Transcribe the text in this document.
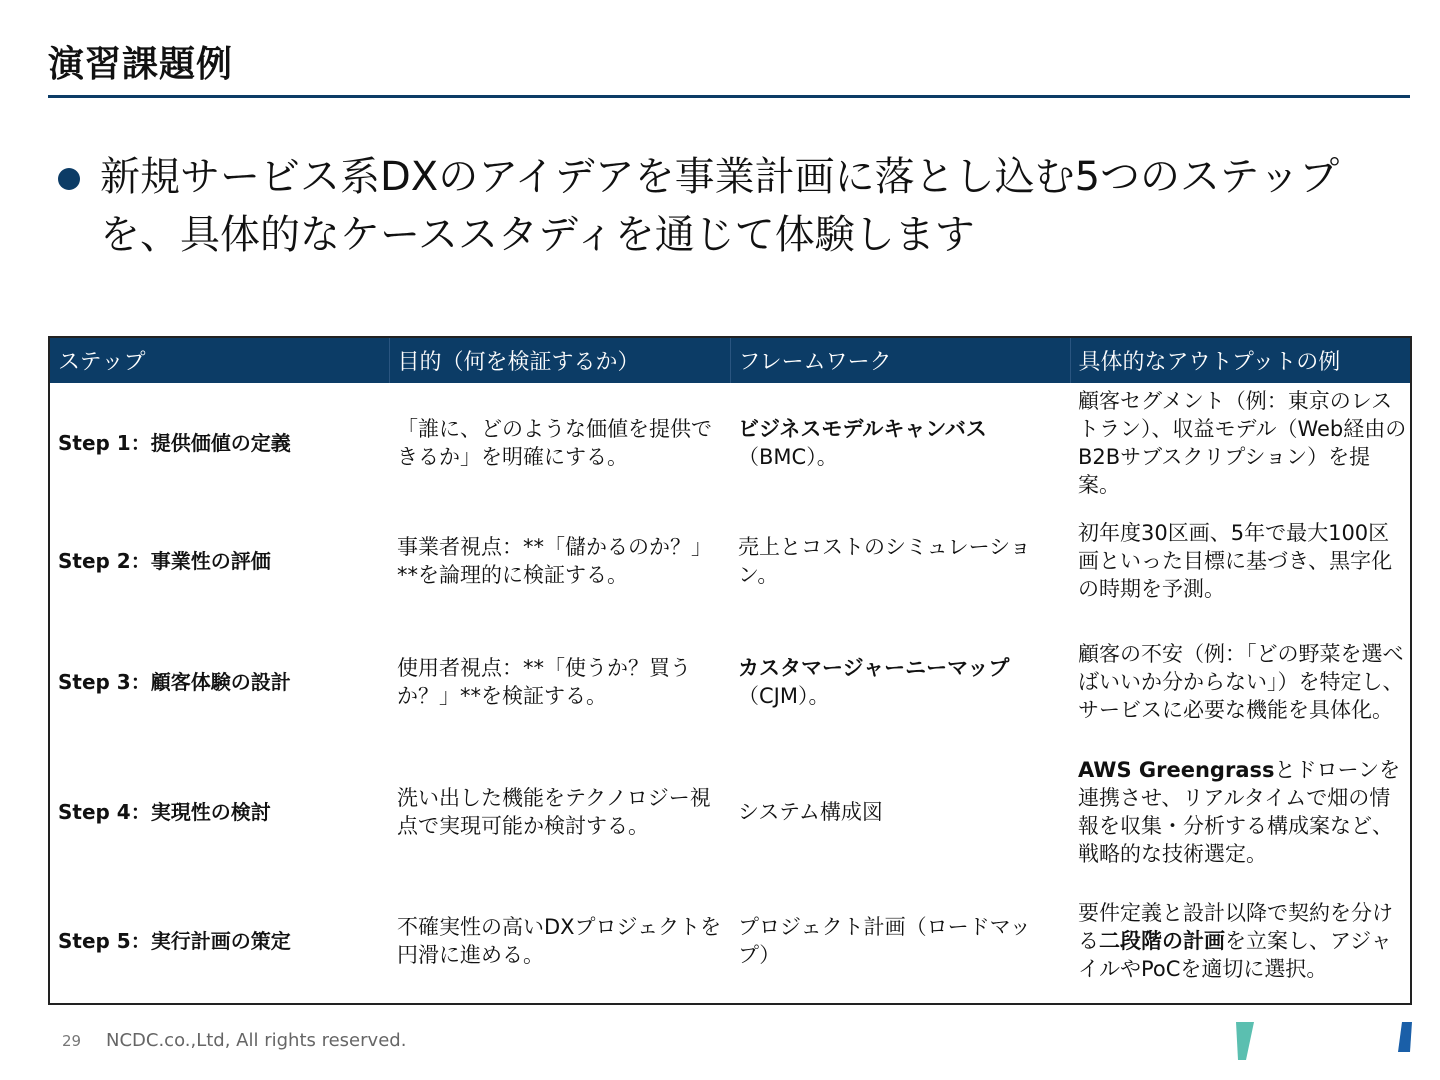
演習課題例
新規サービス系DXのアイデアを事業計画に落とし込む5つのステップを、具体的なケーススタディを通じて体験します
ステップ	目的（何を検証するか）	フレームワーク	具体的なアウトプットの例
Step 1：提供価値の定義	「誰に、どのような価値を提供できるか」を明確にする。	ビジネスモデルキャンバス（BMC）。	顧客セグメント（例：東京のレストラン）、収益モデル（Web経由のB2Bサブスクリプション）を提案。
Step 2：事業性の評価	事業者視点：**「儲かるのか？」**を論理的に検証する。	売上とコストのシミュレーション。	初年度30区画、5年で最大100区画といった目標に基づき、黒字化の時期を予測。
Step 3：顧客体験の設計	使用者視点：**「使うか？買うか？」**を検証する。	カスタマージャーニーマップ（CJM）。	顧客の不安（例：「どの野菜を選べばいいか分からない」）を特定し、サービスに必要な機能を具体化。
Step 4：実現性の検討	洗い出した機能をテクノロジー視点で実現可能か検討する。	システム構成図	AWS Greengrassとドローンを連携させ、リアルタイムで畑の情報を収集・分析する構成案など、戦略的な技術選定。
Step 5：実行計画の策定	不確実性の高いDXプロジェクトを円滑に進める。	プロジェクト計画（ロードマップ）	要件定義と設計以降で契約を分ける二段階の計画を立案し、アジャイルやPoCを適切に選択。
29 NCDC.co.,Ltd, All rights reserved.
